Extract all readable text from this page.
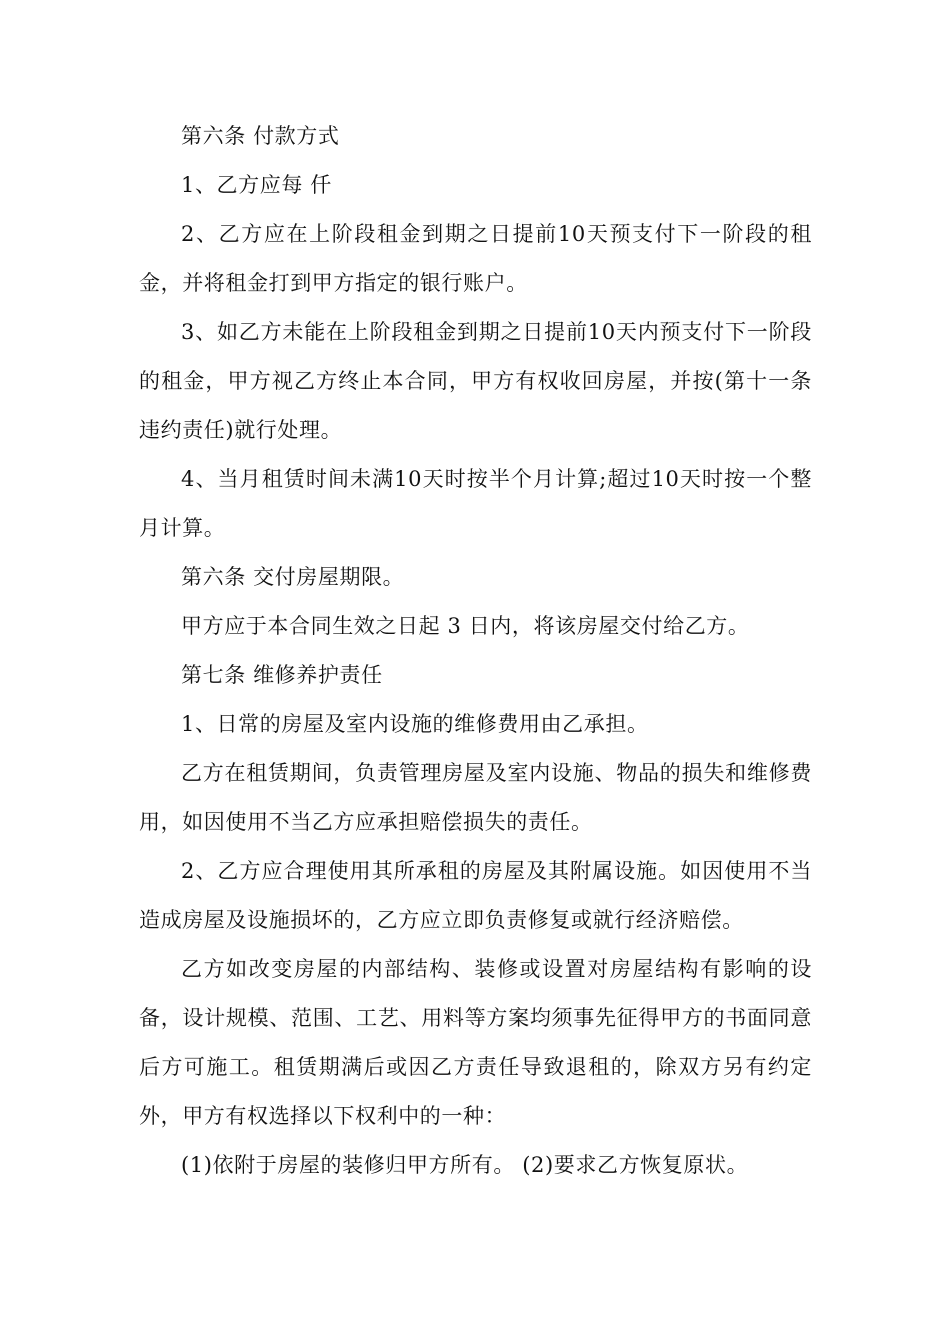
第六条 付款方式

1、乙方应每 仟

2、乙方应在上阶段租金到期之日提前10天预支付下一阶段的租金，并将租金打到甲方指定的银行账户。

3、如乙方未能在上阶段租金到期之日提前10天内预支付下一阶段的租金，甲方视乙方终止本合同，甲方有权收回房屋，并按(第十一条 违约责任)就行处理。

4、当月租赁时间未满10天时按半个月计算;超过10天时按一个整月计算。

第六条 交付房屋期限。

甲方应于本合同生效之日起 3 日内，将该房屋交付给乙方。

第七条 维修养护责任

1、日常的房屋及室内设施的维修费用由乙承担。

乙方在租赁期间，负责管理房屋及室内设施、物品的损失和维修费用，如因使用不当乙方应承担赔偿损失的责任。

2、乙方应合理使用其所承租的房屋及其附属设施。如因使用不当造成房屋及设施损坏的，乙方应立即负责修复或就行经济赔偿。

乙方如改变房屋的内部结构、装修或设置对房屋结构有影响的设备，设计规模、范围、工艺、用料等方案均须事先征得甲方的书面同意后方可施工。租赁期满后或因乙方责任导致退租的，除双方另有约定外，甲方有权选择以下权利中的一种：

(1)依附于房屋的装修归甲方所有。 (2)要求乙方恢复原状。
